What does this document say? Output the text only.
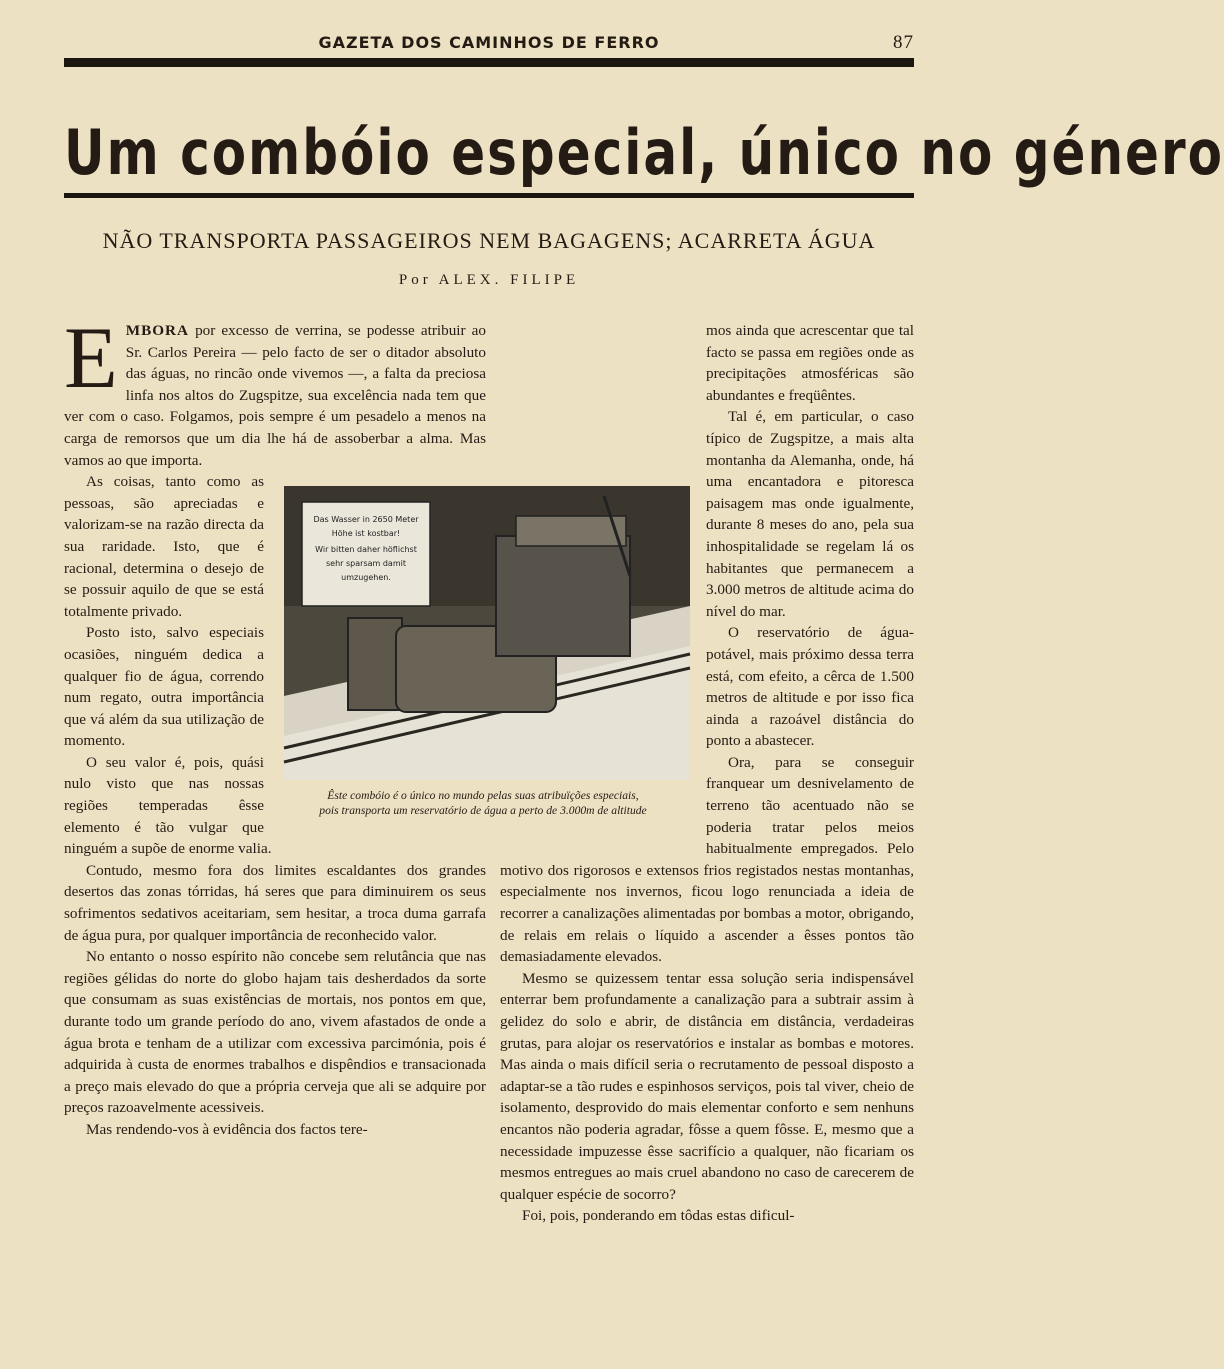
GAZETA DOS CAMINHOS DE FERRO	87
Um combóio especial, único no género
NÃO TRANSPORTA PASSAGEIROS NEM BAGAGENS; ACARRETA ÁGUA
Por ALEX. FILIPE

EMBORA por excesso de verrina, se podesse atribuir ao Sr. Carlos Pereira — pelo facto de ser o ditador absoluto das águas, no rincão onde vivemos —, a falta da preciosa linfa nos altos do Zugspitze, sua excelência nada tem que ver com o caso. Folgamos, pois sempre é um pesadelo a menos na carga de remorsos que um dia lhe há de assoberbar a alma. Mas vamos ao que importa.

As coisas, tanto como as pessoas, são apreciadas e valorizam-se na razão directa da sua raridade. Isto, que é racional, determina o desejo de se possuir aquilo de que se está totalmente privado.

Posto isto, salvo especiais ocasiões, ninguém dedica a qualquer fio de água, correndo num regato, outra importância que vá além da sua utilização de momento.

O seu valor é, pois, quási nulo visto que nas nossas regiões temperadas êsse elemento é tão vulgar que ninguém a supõe de enorme valia.

Contudo, mesmo fora dos limites escaldantes dos grandes desertos das zonas tórridas, há seres que para diminuirem os seus sofrimentos sedativos aceitariam, sem hesitar, a troca duma garrafa de água pura, por qualquer importância de reconhecido valor.

No entanto o nosso espírito não concebe sem relutância que nas regiões gélidas do norte do globo hajam tais desherdados da sorte que consumam as suas existências de mortais, nos pontos em que, durante todo um grande período do ano, vivem afastados de onde a água brota e tenham de a utilizar com excessiva parcimónia, pois é adquirida à custa de enormes trabalhos e dispêndios e transacionada a preço mais elevado do que a própria cerveja que ali se adquire por preços razoavelmente acessiveis.

Mas rendendo-vos à evidência dos factos tere-

mos ainda que acrescentar que tal facto se passa em regiões onde as precipitações atmosféricas são abundantes e freqüêntes.

Tal é, em particular, o caso típico de Zugspitze, a mais alta montanha da Alemanha, onde, há uma encantadora e pitoresca paisagem mas onde igualmente, durante 8 meses do ano, pela sua inhospitalidade se regelam lá os habitantes que permanecem a 3.000 metros de altitude acima do nível do mar.

O reservatório de água-potável, mais próximo dessa terra está, com efeito, a cêrca de 1.500 metros de altitude e por isso fica ainda a razoável distância do ponto a abastecer.

Ora, para se conseguir franquear um desnivelamento de terreno tão acentuado não se poderia tratar pelos meios habitualmente empregados. Pelo motivo dos rigorosos e extensos frios registados nestas montanhas, especialmente nos invernos, ficou logo renunciada a ideia de recorrer a canalizações alimentadas por bombas a motor, obrigando, de relais em relais o líquido a ascender a êsses pontos tão demasiadamente elevados.

Mesmo se quizessem tentar essa solução seria indispensável enterrar bem profundamente a canalização para a subtrair assim à gelidez do solo e abrir, de distância em distância, verdadeiras grutas, para alojar os reservatórios e instalar as bombas e motores. Mas ainda o mais difícil seria o recrutamento de pessoal disposto a adaptar-se a tão rudes e espinhosos serviços, pois tal viver, cheio de isolamento, desprovido do mais elementar conforto e sem nenhuns encantos não poderia agradar, fôsse a quem fôsse. E, mesmo que a necessidade impuzesse êsse sacrifício a qualquer, não ficariam os mesmos entregues ao mais cruel abandono no caso de carecerem de qualquer espécie de socorro?

Foi, pois, ponderando em tôdas estas dificul-

Das Wasser in 2650 Meter
Höhe ist kostbar!
Wir bitten daher höflichst
sehr sparsam damit
umzugehen.
Êste combóio é o único no mundo pelas suas atribuïções especiais,
pois transporta um reservatório de água a perto de 3.000m de altitude
